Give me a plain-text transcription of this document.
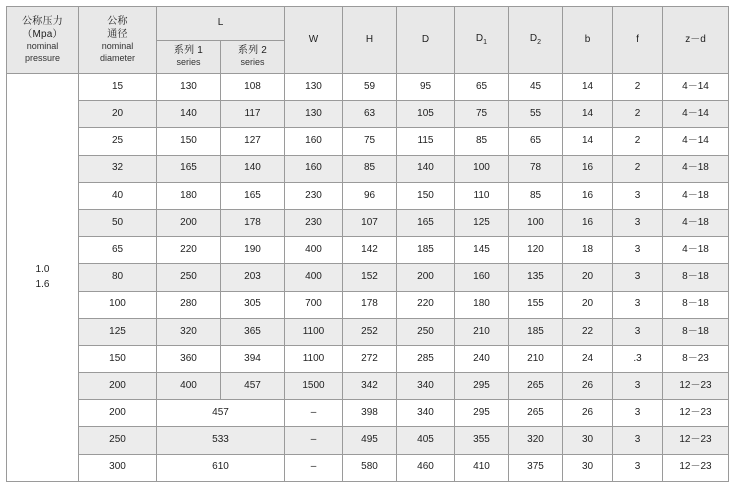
公称压力
（Mpa）
nominal
pressure	公称
通径
nominal
diameter	L		W	H	D	$D_1$	$D_2$	b	f	z－d

		系列 1
series	系列 2
series								

1.0
1.6	15	130	108	130	59	95	65	45	14	2	4－14
	20	140	117	130	63	105	75	55	14	2	4－14
	25	150	127	160	75	115	85	65	14	2	4－14
	32	165	140	160	85	140	100	78	16	2	4－18
	40	180	165	230	96	150	110	85	16	3	4－18
	50	200	178	230	107	165	125	100	16	3	4－18
	65	220	190	400	142	185	145	120	18	3	4－18
	80	250	203	400	152	200	160	135	20	3	8－18
	100	280	305	700	178	220	180	155	20	3	8－18
	125	320	365	1100	252	250	210	185	22	3	8－18
	150	360	394	1100	272	285	240	210	24	.3	8－23
	200	400	457	1500	342	340	295	265	26	3	12－23
	200	457		–	398	340	295	265	26	3	12－23
	250	533		–	495	405	355	320	30	3	12－23
	300	610		–	580	460	410	375	30	3	12－23
